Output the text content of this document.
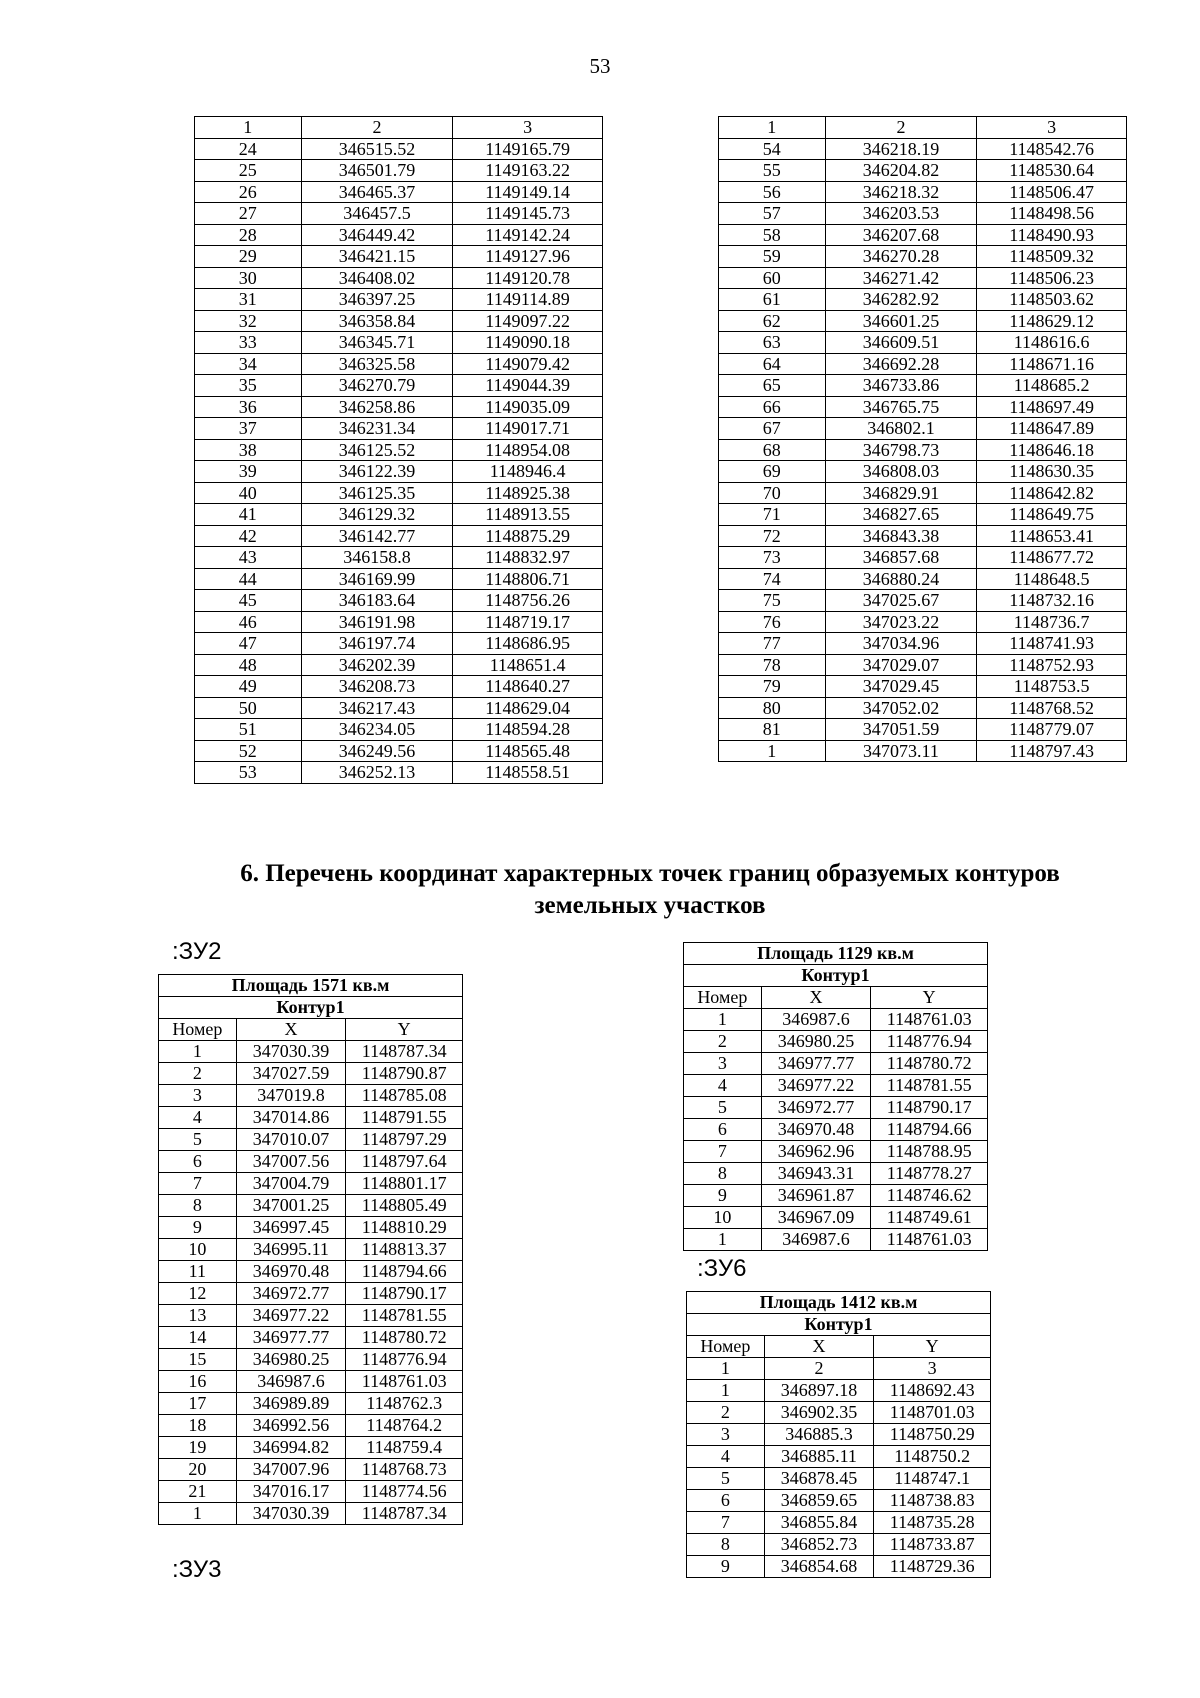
53
1	2	3
24	346515.52	1149165.79
25	346501.79	1149163.22
26	346465.37	1149149.14
27	346457.5	1149145.73
28	346449.42	1149142.24
29	346421.15	1149127.96
30	346408.02	1149120.78
31	346397.25	1149114.89
32	346358.84	1149097.22
33	346345.71	1149090.18
34	346325.58	1149079.42
35	346270.79	1149044.39
36	346258.86	1149035.09
37	346231.34	1149017.71
38	346125.52	1148954.08
39	346122.39	1148946.4
40	346125.35	1148925.38
41	346129.32	1148913.55
42	346142.77	1148875.29
43	346158.8	1148832.97
44	346169.99	1148806.71
45	346183.64	1148756.26
46	346191.98	1148719.17
47	346197.74	1148686.95
48	346202.39	1148651.4
49	346208.73	1148640.27
50	346217.43	1148629.04
51	346234.05	1148594.28
52	346249.56	1148565.48
53	346252.13	1148558.51
1	2	3
54	346218.19	1148542.76
55	346204.82	1148530.64
56	346218.32	1148506.47
57	346203.53	1148498.56
58	346207.68	1148490.93
59	346270.28	1148509.32
60	346271.42	1148506.23
61	346282.92	1148503.62
62	346601.25	1148629.12
63	346609.51	1148616.6
64	346692.28	1148671.16
65	346733.86	1148685.2
66	346765.75	1148697.49
67	346802.1	1148647.89
68	346798.73	1148646.18
69	346808.03	1148630.35
70	346829.91	1148642.82
71	346827.65	1148649.75
72	346843.38	1148653.41
73	346857.68	1148677.72
74	346880.24	1148648.5
75	347025.67	1148732.16
76	347023.22	1148736.7
77	347034.96	1148741.93
78	347029.07	1148752.93
79	347029.45	1148753.5
80	347052.02	1148768.52
81	347051.59	1148779.07
1	347073.11	1148797.43
6. Перечень координат характерных точек границ образуемых контуров
земельных участков
:ЗУ2
Площадь 1571 кв.м		
Контур1		
Номер	X	Y
1	347030.39	1148787.34
2	347027.59	1148790.87
3	347019.8	1148785.08
4	347014.86	1148791.55
5	347010.07	1148797.29
6	347007.56	1148797.64
7	347004.79	1148801.17
8	347001.25	1148805.49
9	346997.45	1148810.29
10	346995.11	1148813.37
11	346970.48	1148794.66
12	346972.77	1148790.17
13	346977.22	1148781.55
14	346977.77	1148780.72
15	346980.25	1148776.94
16	346987.6	1148761.03
17	346989.89	1148762.3
18	346992.56	1148764.2
19	346994.82	1148759.4
20	347007.96	1148768.73
21	347016.17	1148774.56
1	347030.39	1148787.34
:ЗУ3
Площадь 1129 кв.м		
Контур1		
Номер	X	Y
1	346987.6	1148761.03
2	346980.25	1148776.94
3	346977.77	1148780.72
4	346977.22	1148781.55
5	346972.77	1148790.17
6	346970.48	1148794.66
7	346962.96	1148788.95
8	346943.31	1148778.27
9	346961.87	1148746.62
10	346967.09	1148749.61
1	346987.6	1148761.03
:ЗУ6
Площадь 1412 кв.м		
Контур1		
Номер	X	Y
1	2	3
1	346897.18	1148692.43
2	346902.35	1148701.03
3	346885.3	1148750.29
4	346885.11	1148750.2
5	346878.45	1148747.1
6	346859.65	1148738.83
7	346855.84	1148735.28
8	346852.73	1148733.87
9	346854.68	1148729.36
